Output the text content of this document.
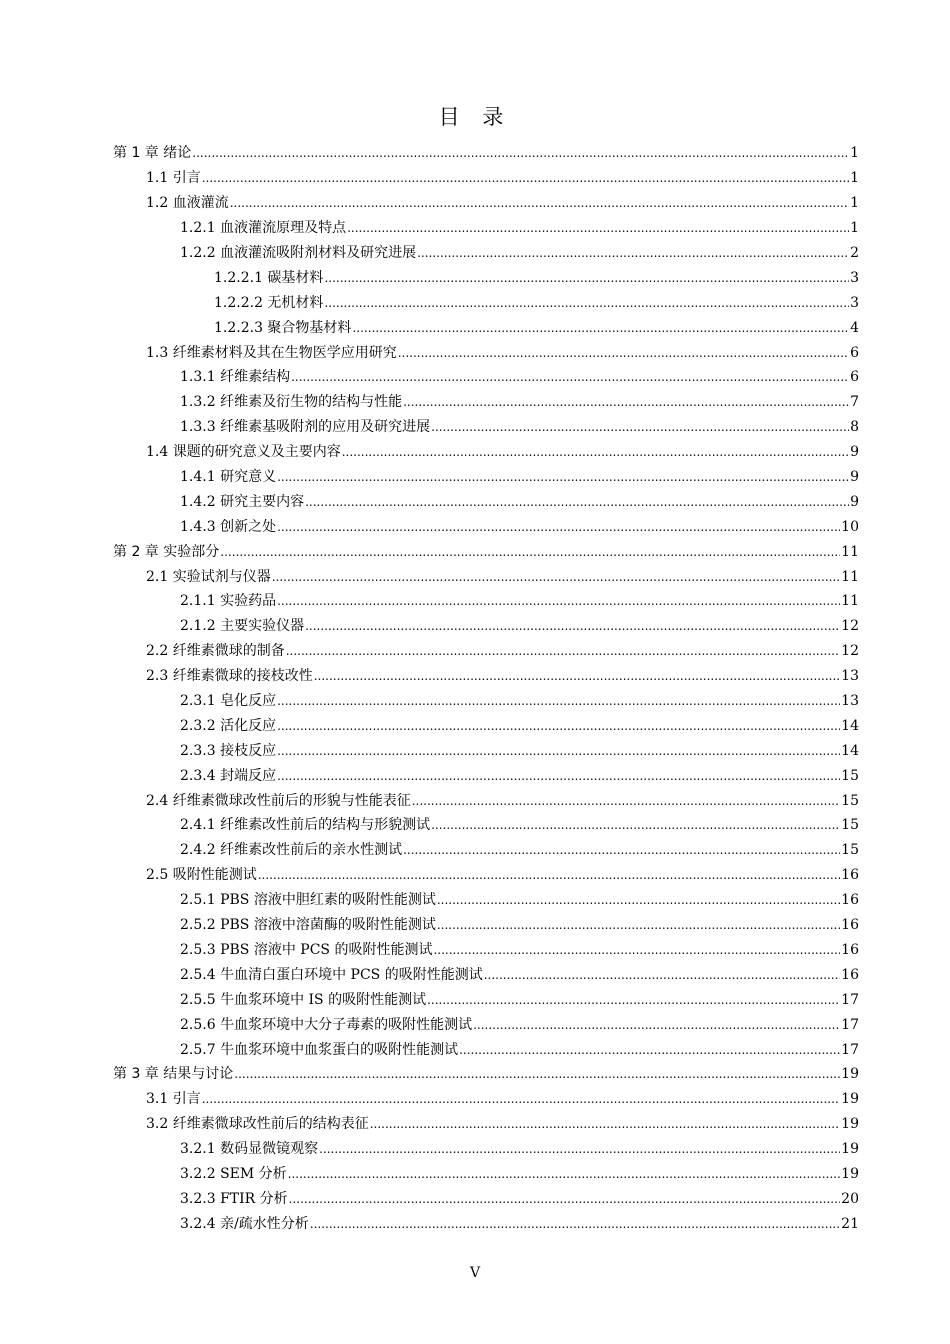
目 录
第 1 章 绪论 .....	1
1.1 引言 .....	1
1.2 血液灌流 .....	1
1.2.1 血液灌流原理及特点 .....	1
1.2.2 血液灌流吸附剂材料及研究进展 .....	2
1.2.2.1 碳基材料 .....	3
1.2.2.2 无机材料 .....	3
1.2.2.3 聚合物基材料 .....	4
1.3 纤维素材料及其在生物医学应用研究 .....	6
1.3.1 纤维素结构 .....	6
1.3.2 纤维素及衍生物的结构与性能 .....	7
1.3.3 纤维素基吸附剂的应用及研究进展 .....	8
1.4 课题的研究意义及主要内容 .....	9
1.4.1 研究意义 .....	9
1.4.2 研究主要内容 .....	9
1.4.3 创新之处 .....	10
第 2 章 实验部分 .....	11
2.1 实验试剂与仪器 .....	11
2.1.1 实验药品 .....	11
2.1.2 主要实验仪器 .....	12
2.2 纤维素微球的制备 .....	12
2.3 纤维素微球的接枝改性 .....	13
2.3.1 皂化反应 .....	13
2.3.2 活化反应 .....	14
2.3.3 接枝反应 .....	14
2.3.4 封端反应 .....	15
2.4 纤维素微球改性前后的形貌与性能表征 .....	15
2.4.1 纤维素改性前后的结构与形貌测试 .....	15
2.4.2 纤维素改性前后的亲水性测试 .....	15
2.5 吸附性能测试 .....	16
2.5.1 PBS 溶液中胆红素的吸附性能测试 .....	16
2.5.2 PBS 溶液中溶菌酶的吸附性能测试 .....	16
2.5.3 PBS 溶液中 PCS 的吸附性能测试 .....	16
2.5.4 牛血清白蛋白环境中 PCS 的吸附性能测试 .....	16
2.5.5 牛血浆环境中 IS 的吸附性能测试 .....	17
2.5.6 牛血浆环境中大分子毒素的吸附性能测试 .....	17
2.5.7 牛血浆环境中血浆蛋白的吸附性能测试 .....	17
第 3 章 结果与讨论 .....	19
3.1 引言 .....	19
3.2 纤维素微球改性前后的结构表征 .....	19
3.2.1 数码显微镜观察 .....	19
3.2.2 SEM 分析 .....	19
3.2.3 FTIR 分析 .....	20
3.2.4 亲/疏水性分析 .....	21
V
